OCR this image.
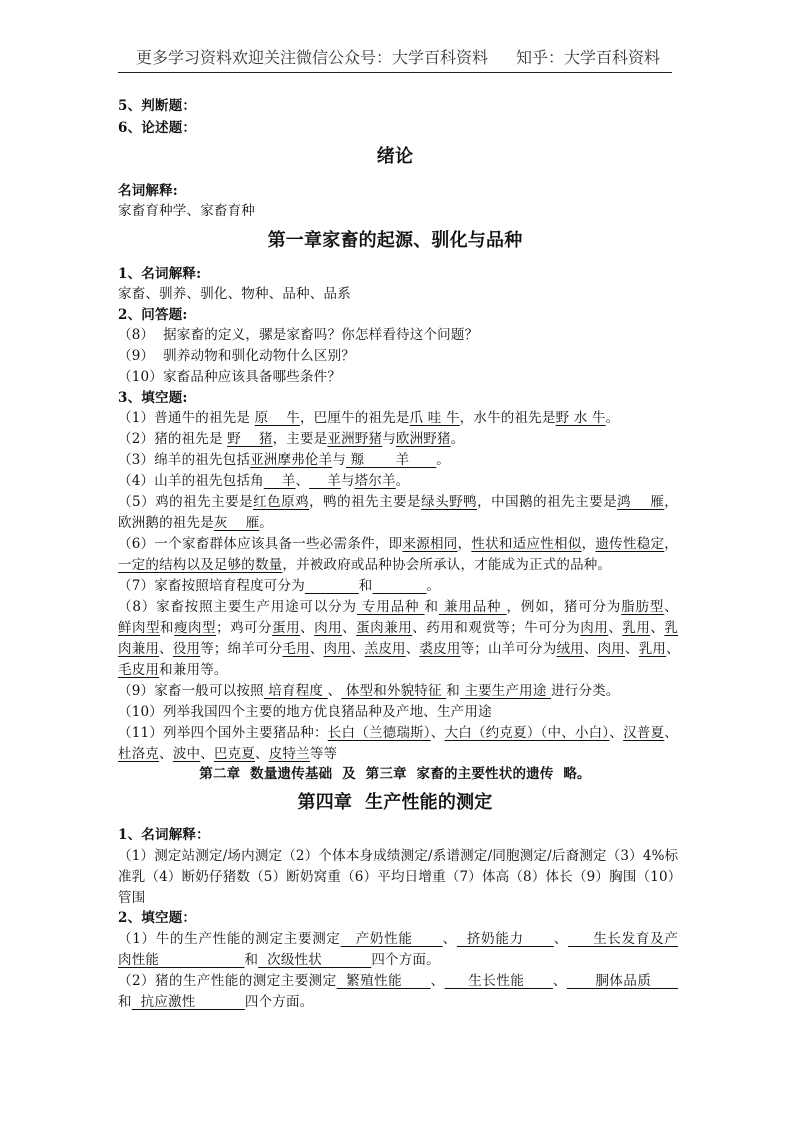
更多学习资料欢迎关注微信公众号：大学百科资料 知乎：大学百科资料
5、判断题：
6、论述题：
绪论
名词解释:
家畜育种学、家畜育种
第一章家畜的起源、驯化与品种
1、名词解释:
家畜、驯养、驯化、物种、品种、品系
2、问答题:
（8）  据家畜的定义，骡是家畜吗？你怎样看待这个问题？
（9）  驯养动物和驯化动物什么区别？
（10）家畜品种应该具备哪些条件？
3、填空题:
（1）普通牛的祖先是 原    牛，巴厘牛的祖先是爪 哇 牛，水牛的祖先是野 水 牛。
（2）猪的祖先是 野    猪，主要是亚洲野猪与欧洲野猪。
（3）绵羊的祖先包括亚洲摩弗伦羊与 羱       羊      。
（4）山羊的祖先包括角    羊、    羊与塔尔羊。
（5）鸡的祖先主要是红色原鸡，鸭的祖先主要是绿头野鸭，中国鹅的祖先主要是鸿    雁，
欧洲鹅的祖先是灰    雁。
（6）一个家畜群体应该具备一些必需条件，即来源相同，性状和适应性相似，遗传性稳定，
一定的结构以及足够的数量，并被政府或品种协会所承认，才能成为正式的品种。
（7）家畜按照培育程度可分为	和	。
（8）家畜按照主要生产用途可以分为 专用品种 和 兼用品种 ，例如，猪可分为脂肪型、
鲜肉型和瘦肉型；鸡可分蛋用、肉用、蛋肉兼用、药用和观赏等；牛可分为肉用、乳用、乳
肉兼用、役用等；绵羊可分毛用、肉用、羔皮用、裘皮用等；山羊可分为绒用、肉用、乳用、
毛皮用和兼用等。
（9）家畜一般可以按照 培育程度 、 体型和外貌特征 和 主要生产用途 进行分类。
（10）列举我国四个主要的地方优良猪品种及产地、生产用途
（11）列举四个国外主要猪品种：长白（兰德瑞斯）、大白（约克夏）（中、小白）、汉普夏、
杜洛克、波中、巴克夏、皮特兰等等
第二章  数量遗传基础  及  第三章  家畜的主要性状的遗传  略。
第四章  生产性能的测定
1、名词解释：
（1）测定站测定/场内测定（2）个体本身成绩测定/系谱测定/同胞测定/后裔测定（3）4%标
准乳（4）断奶仔猪数（5）断奶窝重（6）平均日增重（7）体高（8）体长（9）胸围（10）
管围
2、填空题：
（1）牛的生产性能的测定主要测定   产奶性能      、  挤奶能力      、     生长发育及产
肉性能                   和  次级性状           四个方面。
（2）猪的生产性能的测定主要测定  繁殖性能      、     生长性能      、      胴体品质
和  抗应激性           四个方面。
